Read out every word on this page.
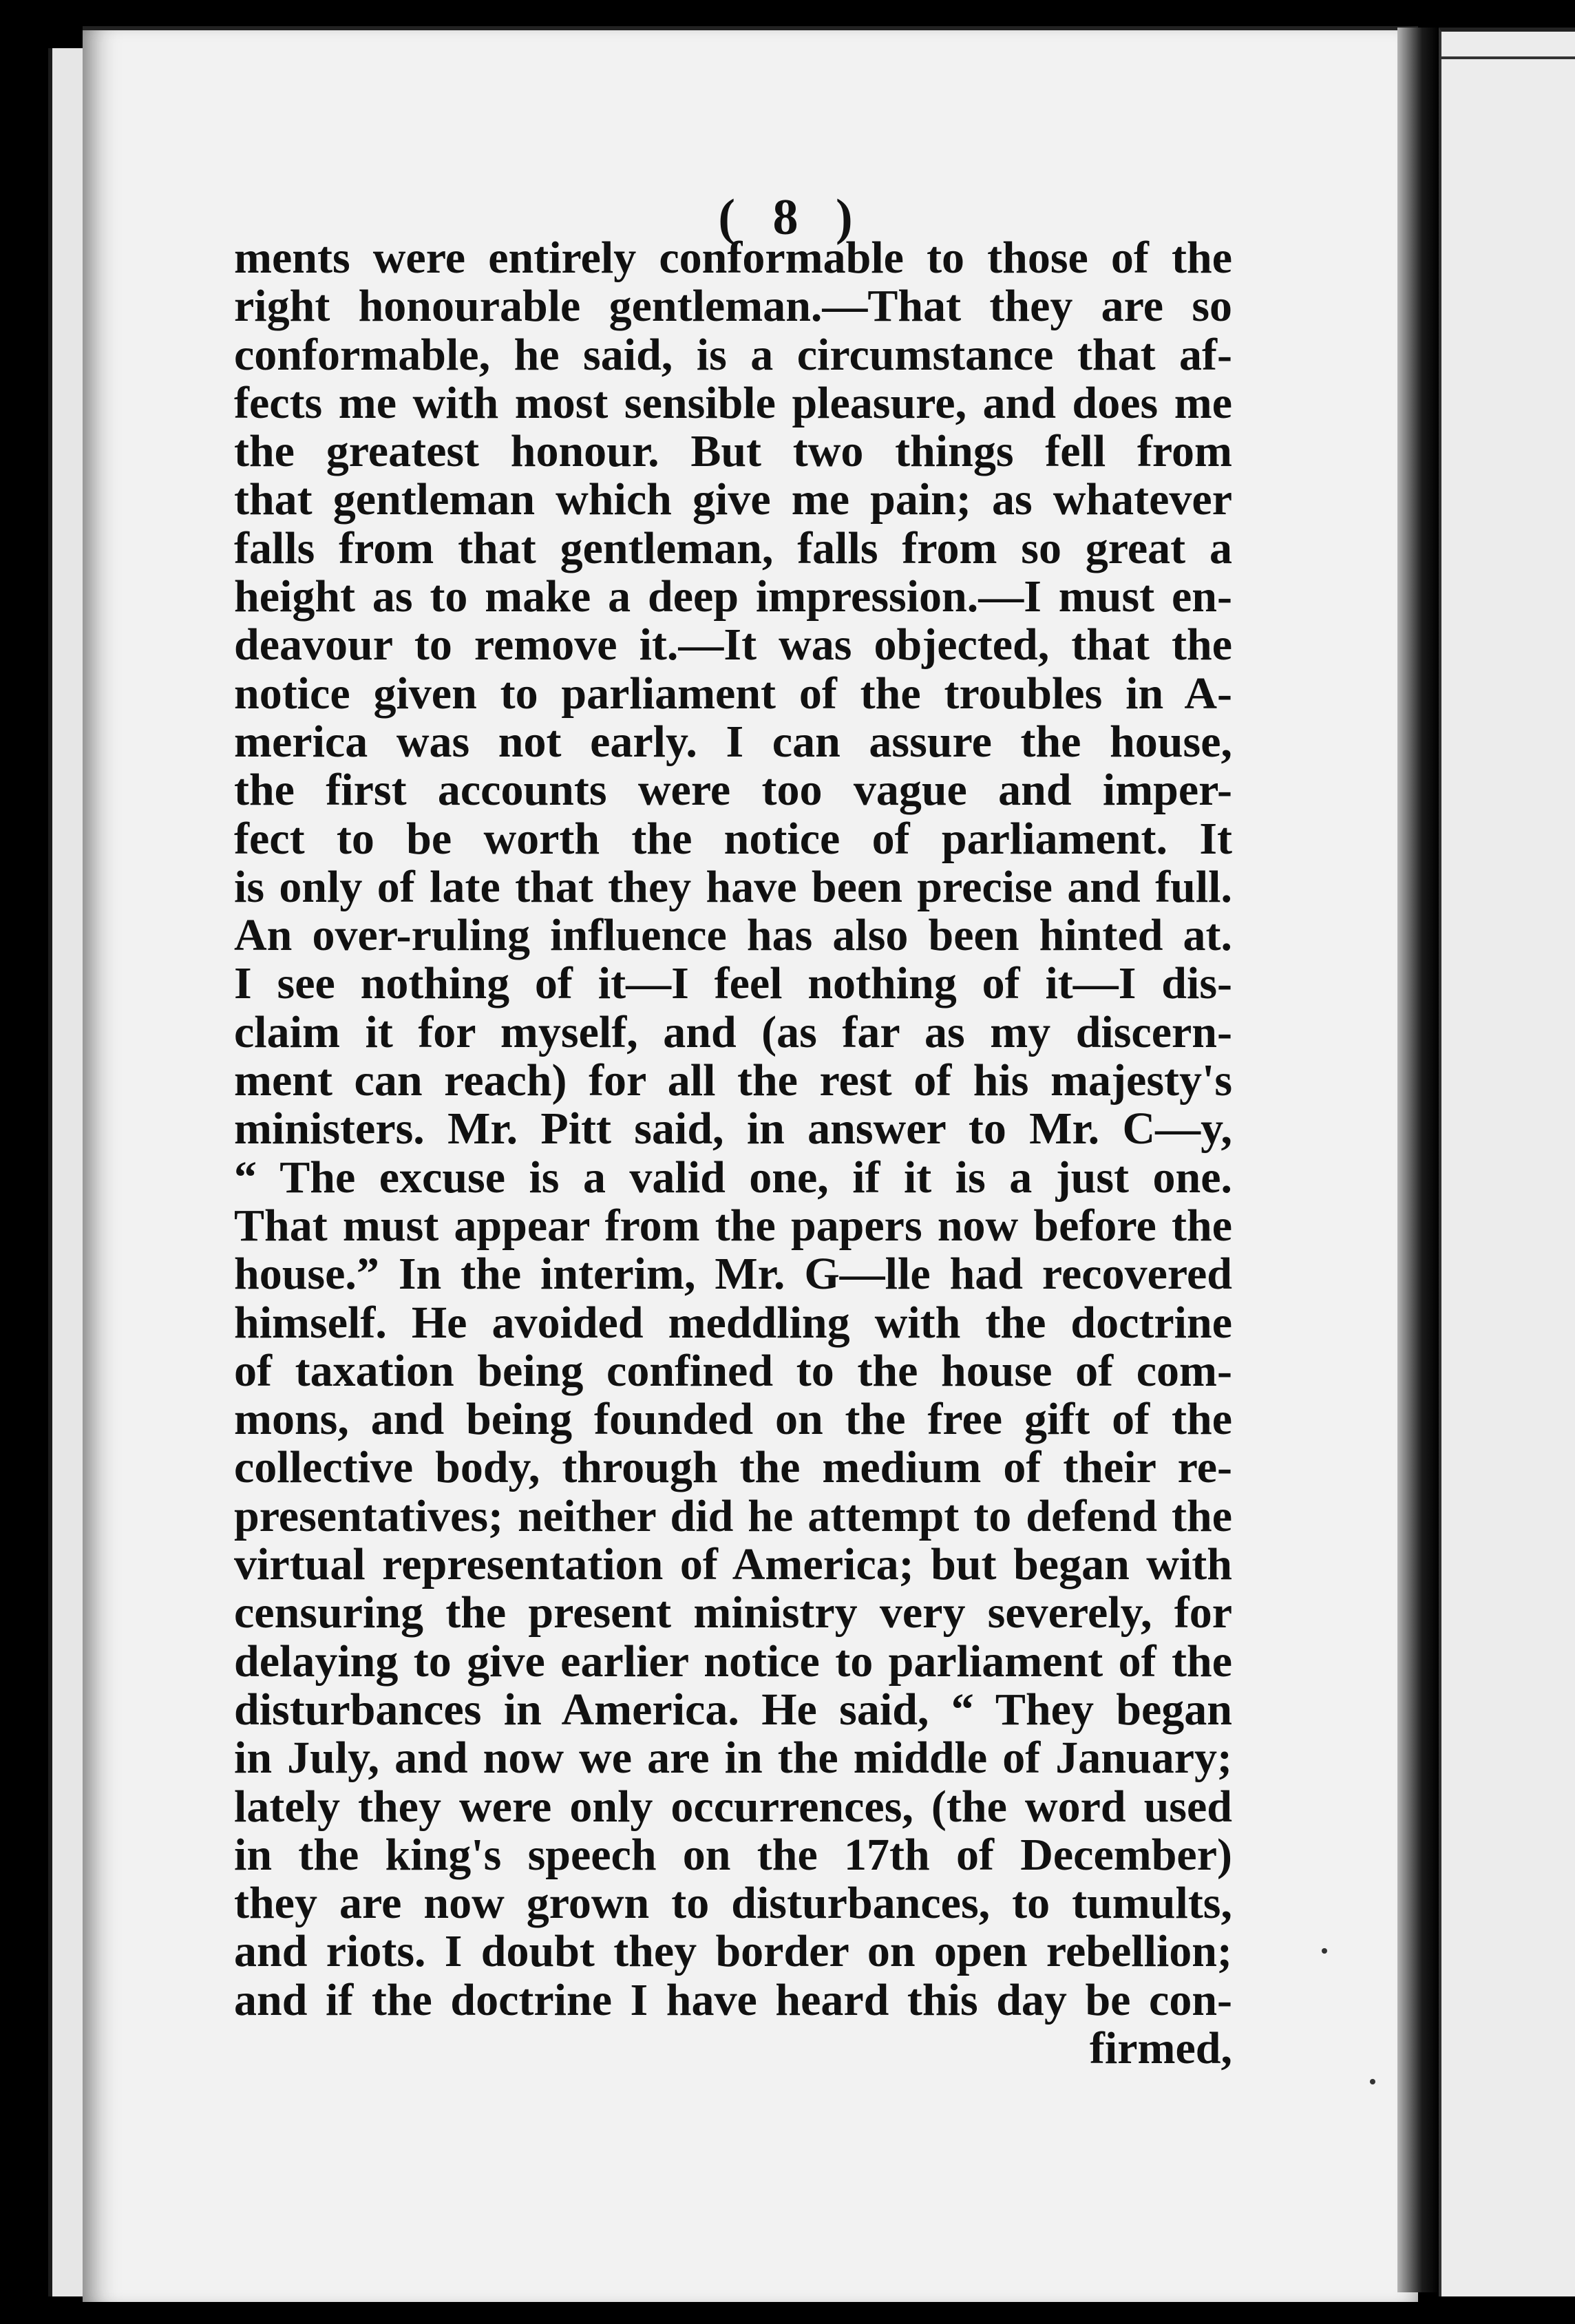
( 8 )
ments were entirely conformable to those of the
right honourable gentleman.—That they are so
conformable, he said, is a circumstance that af-
fects me with most sensible pleasure, and does me
the greatest honour. But two things fell from
that gentleman which give me pain; as whatever
falls from that gentleman, falls from so great a
height as to make a deep impression.—I must en-
deavour to remove it.—It was objected, that the
notice given to parliament of the troubles in A-
merica was not early. I can assure the house,
the first accounts were too vague and imper-
fect to be worth the notice of parliament. It
is only of late that they have been precise and full.
An over-ruling influence has also been hinted at.
I see nothing of it—I feel nothing of it—I dis-
claim it for myself, and (as far as my discern-
ment can reach) for all the rest of his majesty's
ministers. Mr. Pitt said, in answer to Mr. C—y,
“ The excuse is a valid one, if it is a just one.
That must appear from the papers now before the
house.” In the interim, Mr. G—lle had recovered
himself. He avoided meddling with the doctrine
of taxation being confined to the house of com-
mons, and being founded on the free gift of the
collective body, through the medium of their re-
presentatives; neither did he attempt to defend the
virtual representation of America; but began with
censuring the present ministry very severely, for
delaying to give earlier notice to parliament of the
disturbances in America. He said, “ They began
in July, and now we are in the middle of January;
lately they were only occurrences, (the word used
in the king's speech on the 17th of December)
they are now grown to disturbances, to tumults,
and riots. I doubt they border on open rebellion;
and if the doctrine I have heard this day be con-
firmed,
